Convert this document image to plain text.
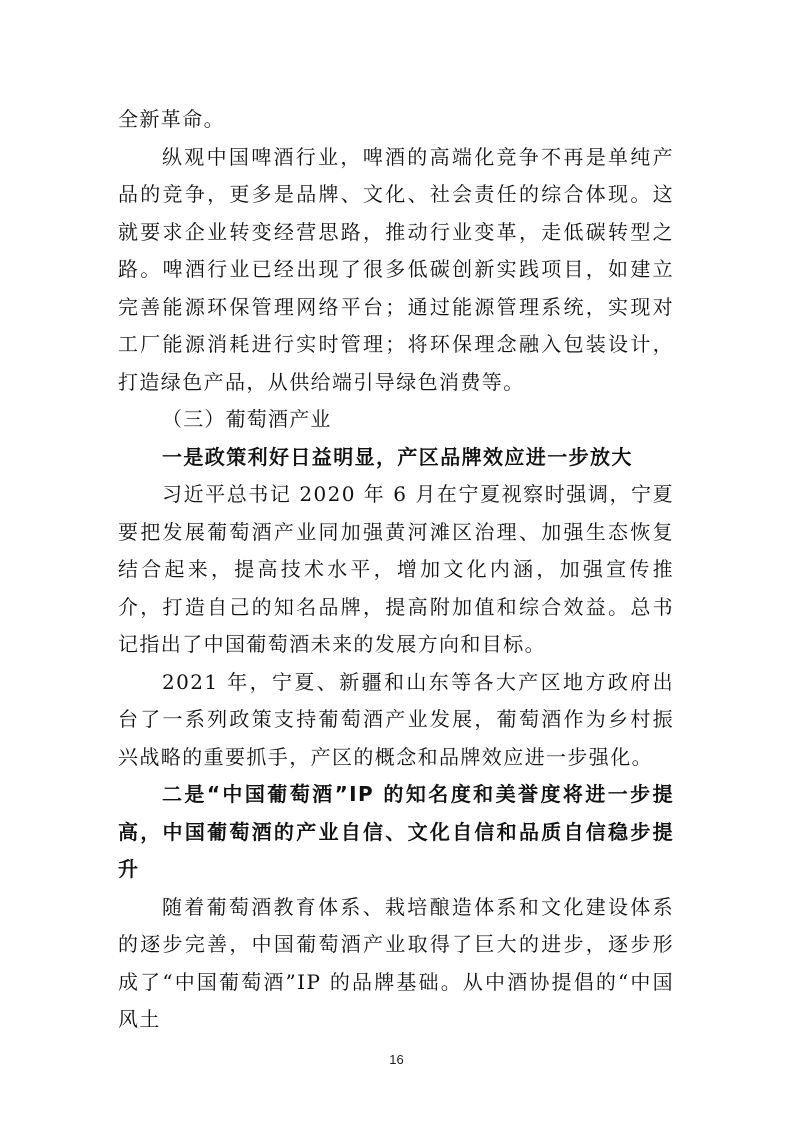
全新革命。

纵观中国啤酒行业，啤酒的高端化竞争不再是单纯产品的竞争，更多是品牌、文化、社会责任的综合体现。这就要求企业转变经营思路，推动行业变革，走低碳转型之路。啤酒行业已经出现了很多低碳创新实践项目，如建立完善能源环保管理网络平台；通过能源管理系统，实现对工厂能源消耗进行实时管理；将环保理念融入包装设计，打造绿色产品，从供给端引导绿色消费等。

（三）葡萄酒产业

一是政策利好日益明显，产区品牌效应进一步放大

习近平总书记 2020 年 6 月在宁夏视察时强调，宁夏要把发展葡萄酒产业同加强黄河滩区治理、加强生态恢复结合起来，提高技术水平，增加文化内涵，加强宣传推介，打造自己的知名品牌，提高附加值和综合效益。总书记指出了中国葡萄酒未来的发展方向和目标。

2021 年，宁夏、新疆和山东等各大产区地方政府出台了一系列政策支持葡萄酒产业发展，葡萄酒作为乡村振兴战略的重要抓手，产区的概念和品牌效应进一步强化。

二是“中国葡萄酒”IP 的知名度和美誉度将进一步提高，中国葡萄酒的产业自信、文化自信和品质自信稳步提升

随着葡萄酒教育体系、栽培酿造体系和文化建设体系的逐步完善，中国葡萄酒产业取得了巨大的进步，逐步形成了“中国葡萄酒”IP 的品牌基础。从中酒协提倡的“中国风土

16
